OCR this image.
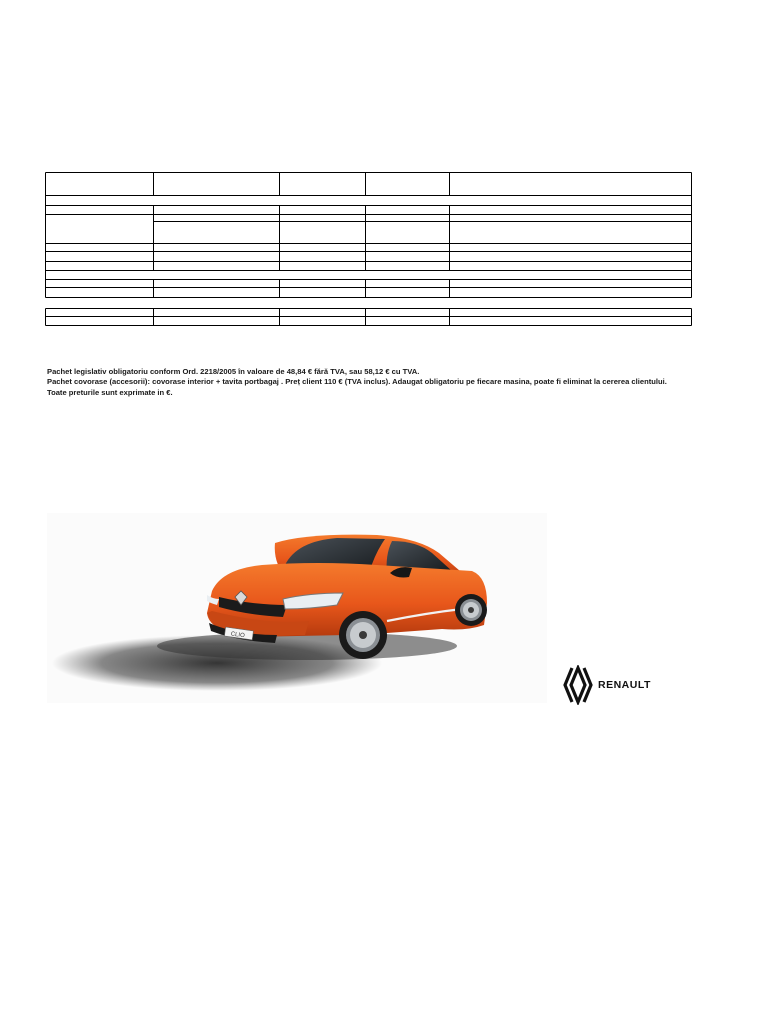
Pachet legislativ obligatoriu conform Ord. 2218/2005 în valoare de 48,84 € fără TVA, sau 58,12 € cu TVA.
Pachet covorase (accesorii): covorase interior + tavita portbagaj . Preț client 110 € (TVA inclus). Adaugat obligatoriu pe fiecare masina, poate fi eliminat la cererea clientului.
Toate preturile sunt exprimate in €.
CLIO
RENAULT
